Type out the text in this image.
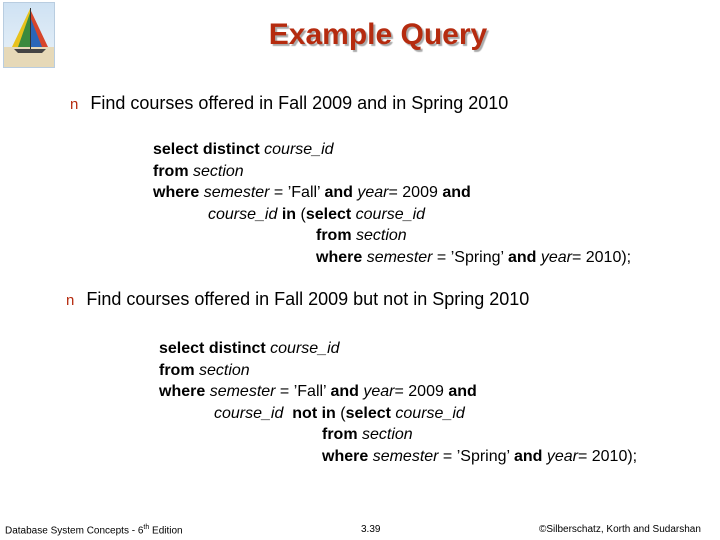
Example Query
n Find courses offered in Fall 2009 and in Spring 2010
select distinct course_id
from section
where semester = ’Fall’ and year= 2009 and
course_id in (select course_id
from section
where semester = ’Spring’ and year= 2010);
n Find courses offered in Fall 2009 but not in Spring 2010
select distinct course_id
from section
where semester = ’Fall’ and year= 2009 and
course_id  not in (select course_id
from section
where semester = ’Spring’ and year= 2010);
Database System Concepts - 6th Edition	3.39	©Silberschatz, Korth and Sudarshan
